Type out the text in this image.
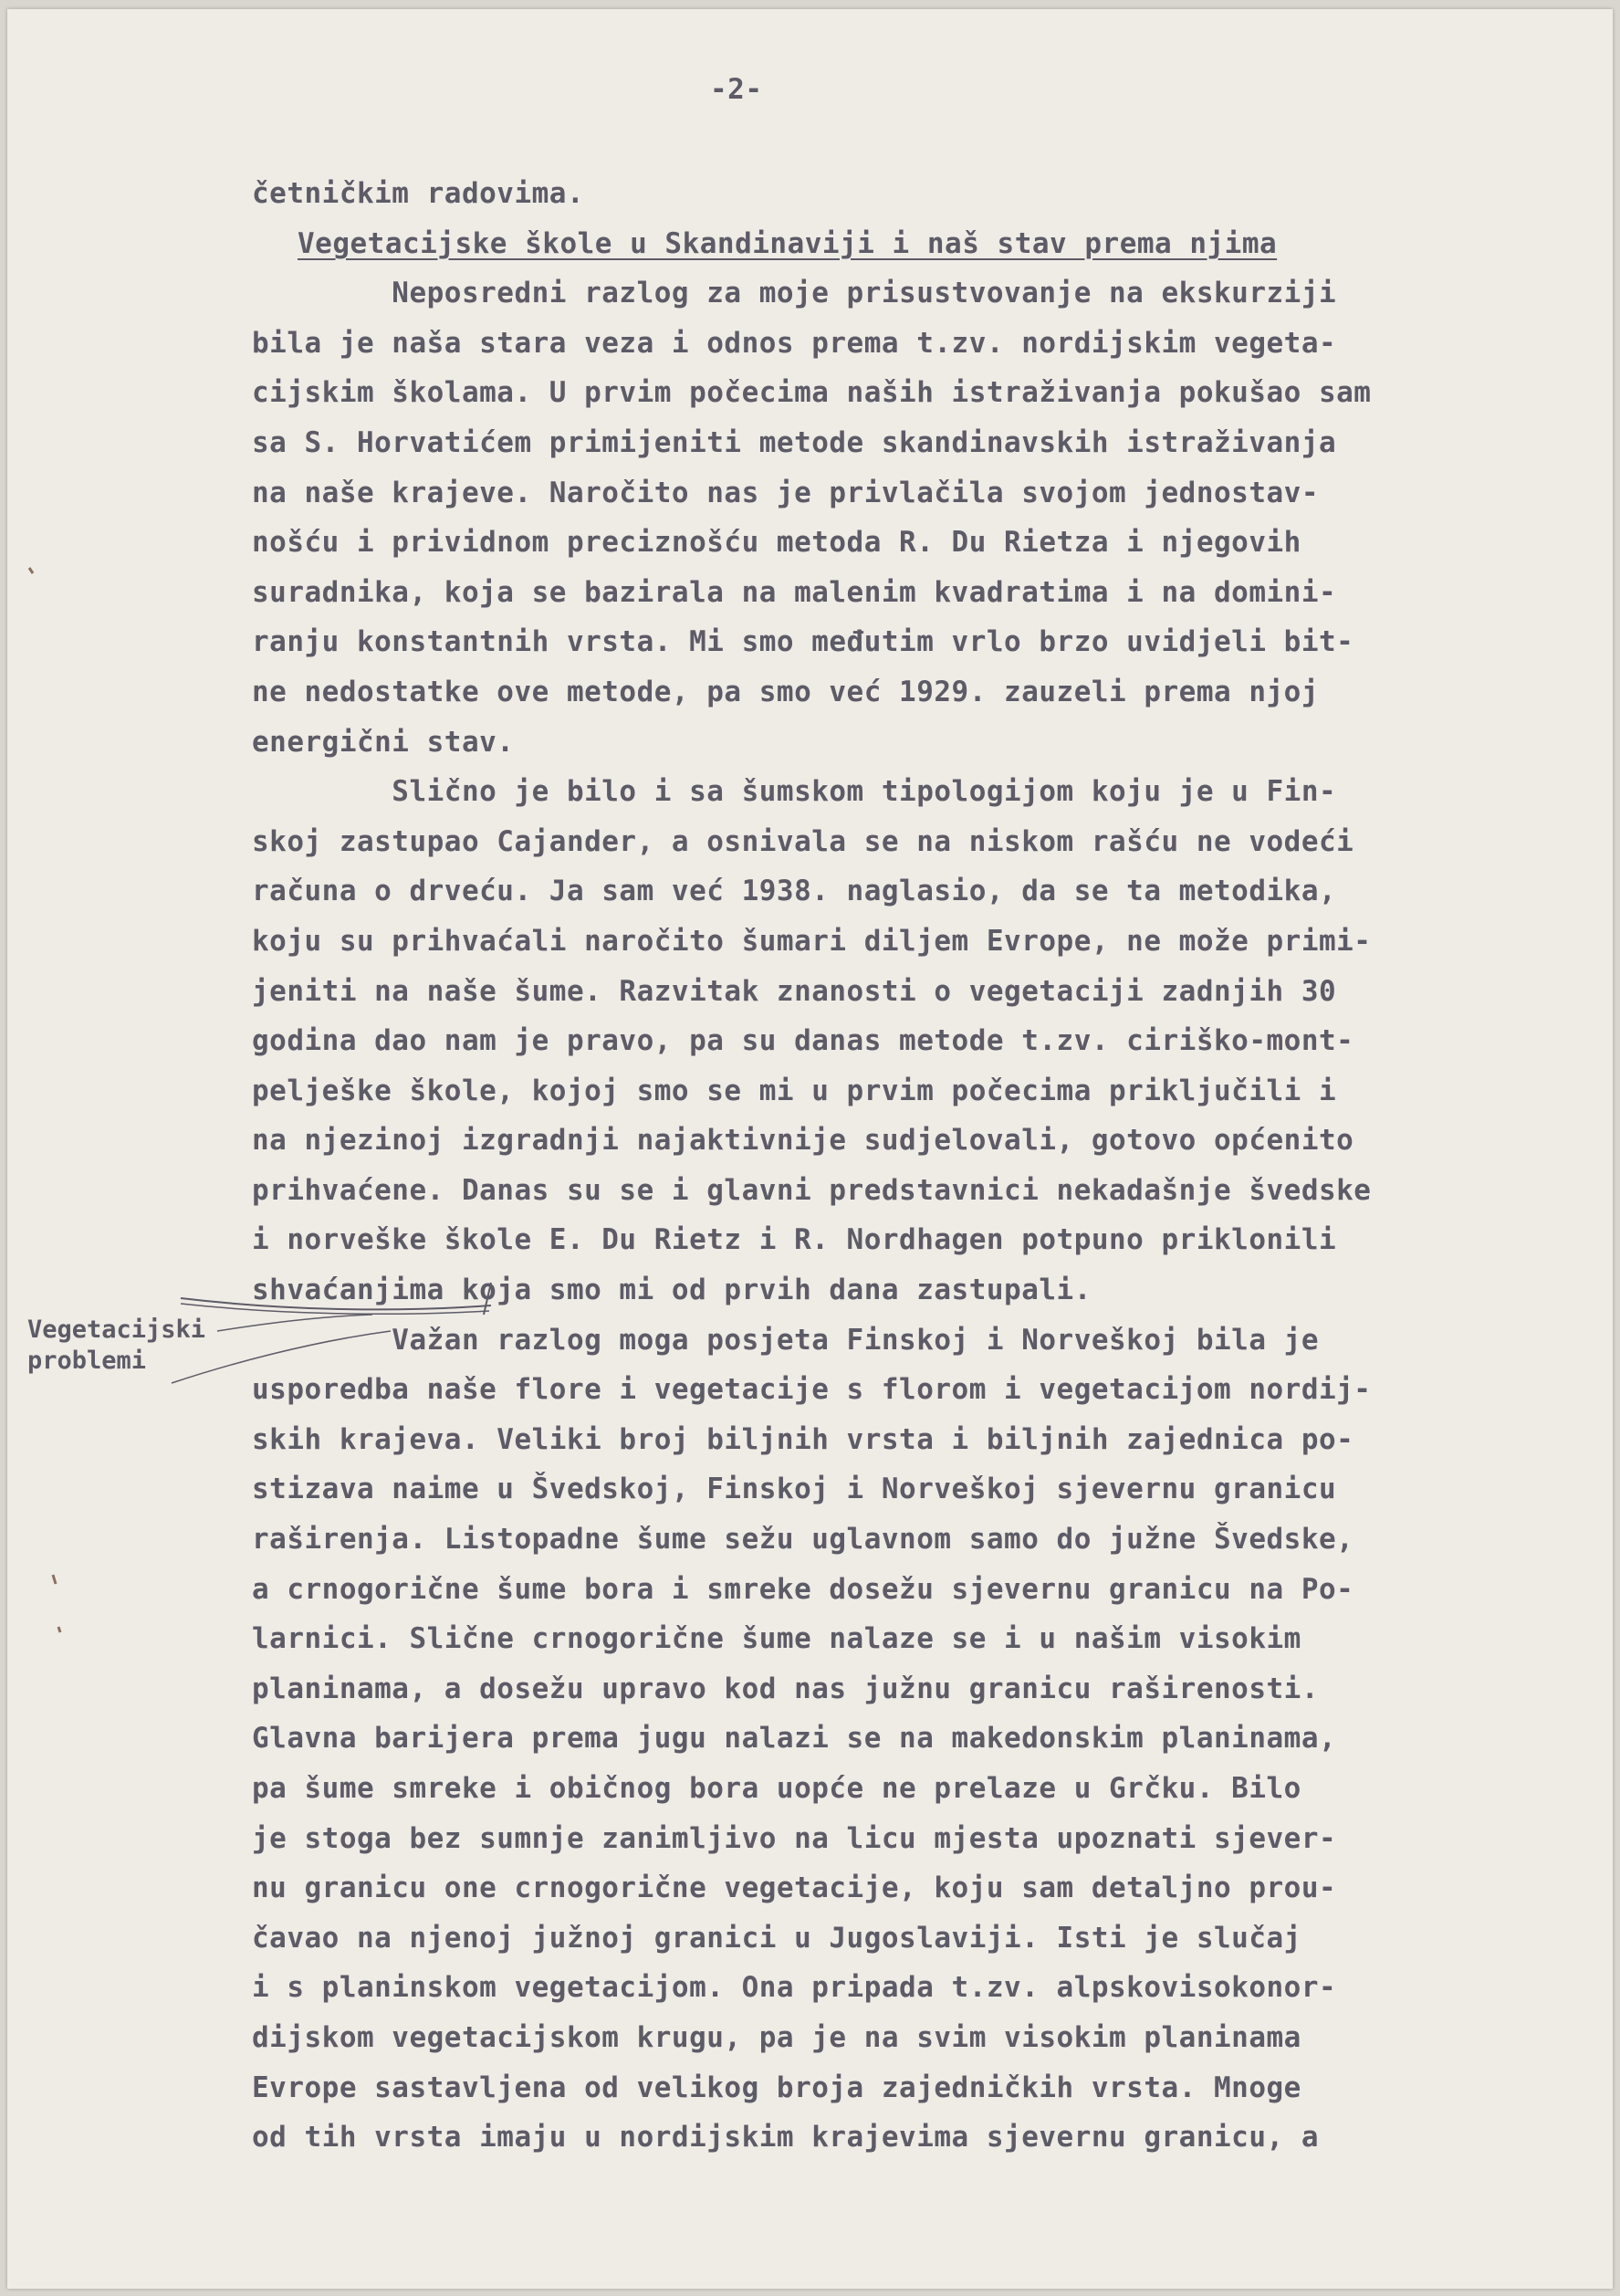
-2-
četničkim radovima.
Vegetacijske škole u Skandinaviji i naš stav prema njima
Neposredni razlog za moje prisustvovanje na ekskurziji
bila je naša stara veza i odnos prema t.zv. nordijskim vegeta-
cijskim školama. U prvim počecima naših istraživanja pokušao sam
sa S. Horvatićem primijeniti metode skandinavskih istraživanja
na naše krajeve. Naročito nas je privlačila svojom jednostav-
nošću i prividnom preciznošću metoda R. Du Rietza i njegovih
suradnika, koja se bazirala na malenim kvadratima i na domini-
ranju konstantnih vrsta. Mi smo međutim vrlo brzo uvidjeli bit-
ne nedostatke ove metode, pa smo već 1929. zauzeli prema njoj
energični stav.
Slično je bilo i sa šumskom tipologijom koju je u Fin-
skoj zastupao Cajander, a osnivala se na niskom rašću ne vodeći
računa o drveću. Ja sam već 1938. naglasio, da se ta metodika,
koju su prihvaćali naročito šumari diljem Evrope, ne može primi-
jeniti na naše šume. Razvitak znanosti o vegetaciji zadnjih 30
godina dao nam je pravo, pa su danas metode t.zv. ciriško-mont-
pelješke škole, kojoj smo se mi u prvim počecima priključili i
na njezinoj izgradnji najaktivnije sudjelovali, gotovo općenito
prihvaćene. Danas su se i glavni predstavnici nekadašnje švedske
i norveške škole E. Du Rietz i R. Nordhagen potpuno priklonili
shvaćanjima koja smo mi od prvih dana zastupali.
Važan razlog moga posjeta Finskoj i Norveškoj bila je
usporedba naše flore i vegetacije s florom i vegetacijom nordij-
skih krajeva. Veliki broj biljnih vrsta i biljnih zajednica po-
stizava naime u Švedskoj, Finskoj i Norveškoj sjevernu granicu
raširenja. Listopadne šume sežu uglavnom samo do južne Švedske,
a crnogorične šume bora i smreke dosežu sjevernu granicu na Po-
larnici. Slične crnogorične šume nalaze se i u našim visokim
planinama, a dosežu upravo kod nas južnu granicu raširenosti.
Glavna barijera prema jugu nalazi se na makedonskim planinama,
pa šume smreke i običnog bora uopće ne prelaze u Grčku. Bilo
je stoga bez sumnje zanimljivo na licu mjesta upoznati sjever-
nu granicu one crnogorične vegetacije, koju sam detaljno prou-
čavao na njenoj južnoj granici u Jugoslaviji. Isti je slučaj
i s planinskom vegetacijom. Ona pripada t.zv. alpskovisokonor-
dijskom vegetacijskom krugu, pa je na svim visokim planinama
Evrope sastavljena od velikog broja zajedničkih vrsta. Mnoge
od tih vrsta imaju u nordijskim krajevima sjevernu granicu, a
Vegetacijski
problemi
